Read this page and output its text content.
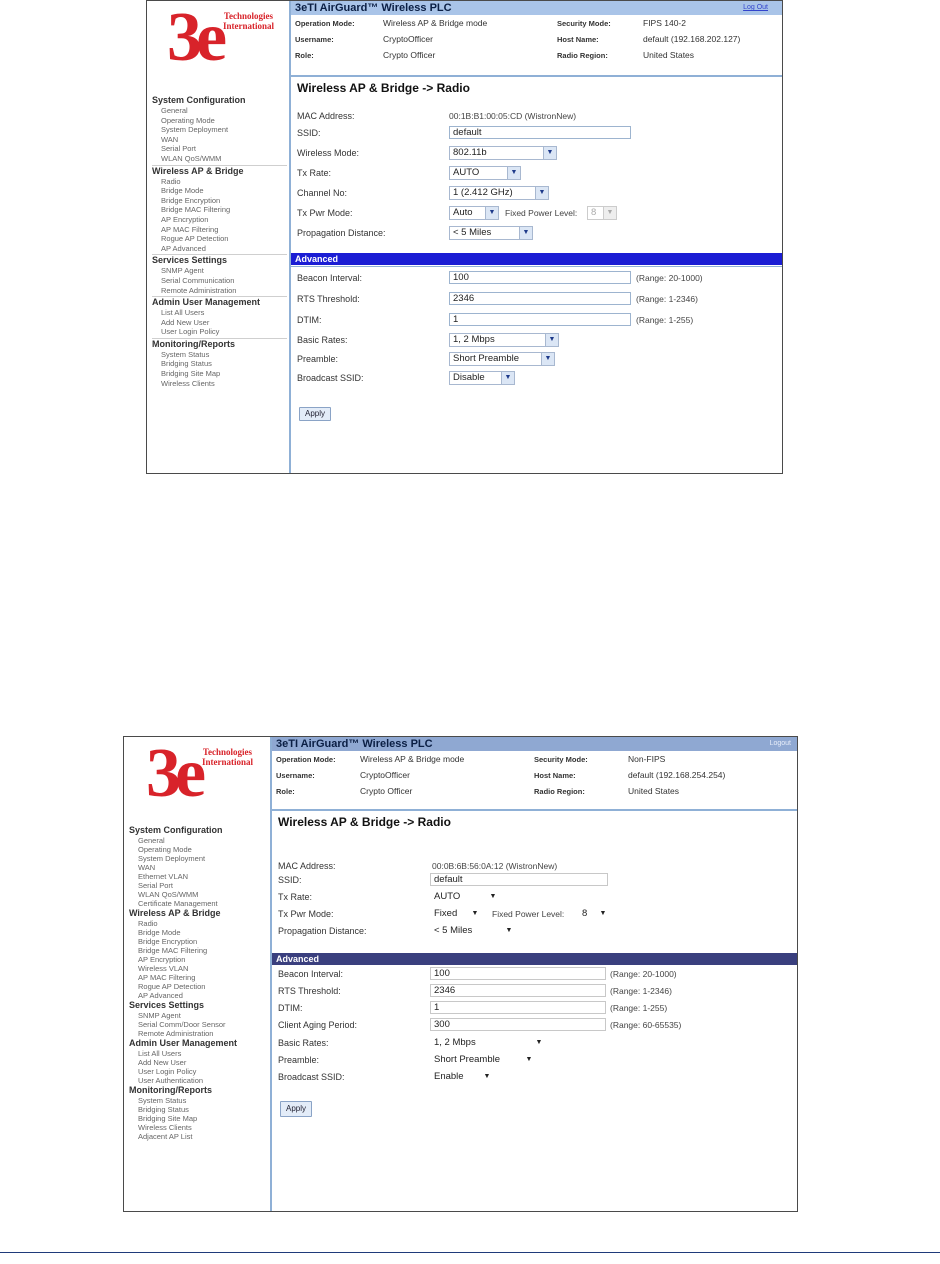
3e Technologies International
System Configuration
General
Operating Mode
System Deployment
WAN
Serial Port
WLAN QoS/WMM
Wireless AP & Bridge
Radio
Bridge Mode
Bridge Encryption
Bridge MAC Filtering
AP Encryption
AP MAC Filtering
Rogue AP Detection
AP Advanced
Services Settings
SNMP Agent
Serial Communication
Remote Administration
Admin User Management
List All Users
Add New User
User Login Policy
Monitoring/Reports
System Status
Bridging Status
Bridging Site Map
Wireless Clients
3eTI AirGuard™ Wireless PLC	Log Out
Operation Mode:	Wireless AP & Bridge mode
Username:	CryptoOfficer
Role:	Crypto Officer
Security Mode:	FIPS 140-2
Host Name:	default (192.168.202.127)
Radio Region:	United States
Wireless AP & Bridge -> Radio
MAC Address:	00:1B:B1:00:05:CD (WistronNew)
SSID:	default
Wireless Mode:	802.11b	▼
Tx Rate:	AUTO	▼
Channel No:	1 (2.412 GHz)	▼
Tx Pwr Mode:	Auto	▼ Fixed Power Level:	8	▼
Propagation Distance:	< 5 Miles	▼
Advanced
Beacon Interval:	100	(Range: 20-1000)
RTS Threshold:	2346	(Range: 1-2346)
DTIM:	1	(Range: 1-255)
Basic Rates:	1, 2 Mbps	▼
Preamble:	Short Preamble	▼
Broadcast SSID:	Disable	▼
Apply
3e Technologies International
System Configuration
General
Operating Mode
System Deployment
WAN
Ethernet VLAN
Serial Port
WLAN QoS/WMM
Certificate Management
Wireless AP & Bridge
Radio
Bridge Mode
Bridge Encryption
Bridge MAC Filtering
AP Encryption
Wireless VLAN
AP MAC Filtering
Rogue AP Detection
AP Advanced
Services Settings
SNMP Agent
Serial Comm/Door Sensor
Remote Administration
Admin User Management
List All Users
Add New User
User Login Policy
User Authentication
Monitoring/Reports
System Status
Bridging Status
Bridging Site Map
Wireless Clients
Adjacent AP List
3eTI AirGuard™ Wireless PLC	Logout
Operation Mode:	Wireless AP & Bridge mode
Username:	CryptoOfficer
Role:	Crypto Officer
Security Mode:	Non-FIPS
Host Name:	default (192.168.254.254)
Radio Region:	United States
Wireless AP & Bridge -> Radio
MAC Address:	00:0B:6B:56:0A:12 (WistronNew)
SSID:	default
Tx Rate:	AUTO	▼
Tx Pwr Mode:	Fixed	▼ Fixed Power Level:	8	▼
Propagation Distance:	< 5 Miles	▼
Advanced
Beacon Interval:	100	(Range: 20-1000)
RTS Threshold:	2346	(Range: 1-2346)
DTIM:	1	(Range: 1-255)
Client Aging Period:	300	(Range: 60-65535)
Basic Rates:	1, 2 Mbps	▼
Preamble:	Short Preamble	▼
Broadcast SSID:	Enable	▼
Apply
